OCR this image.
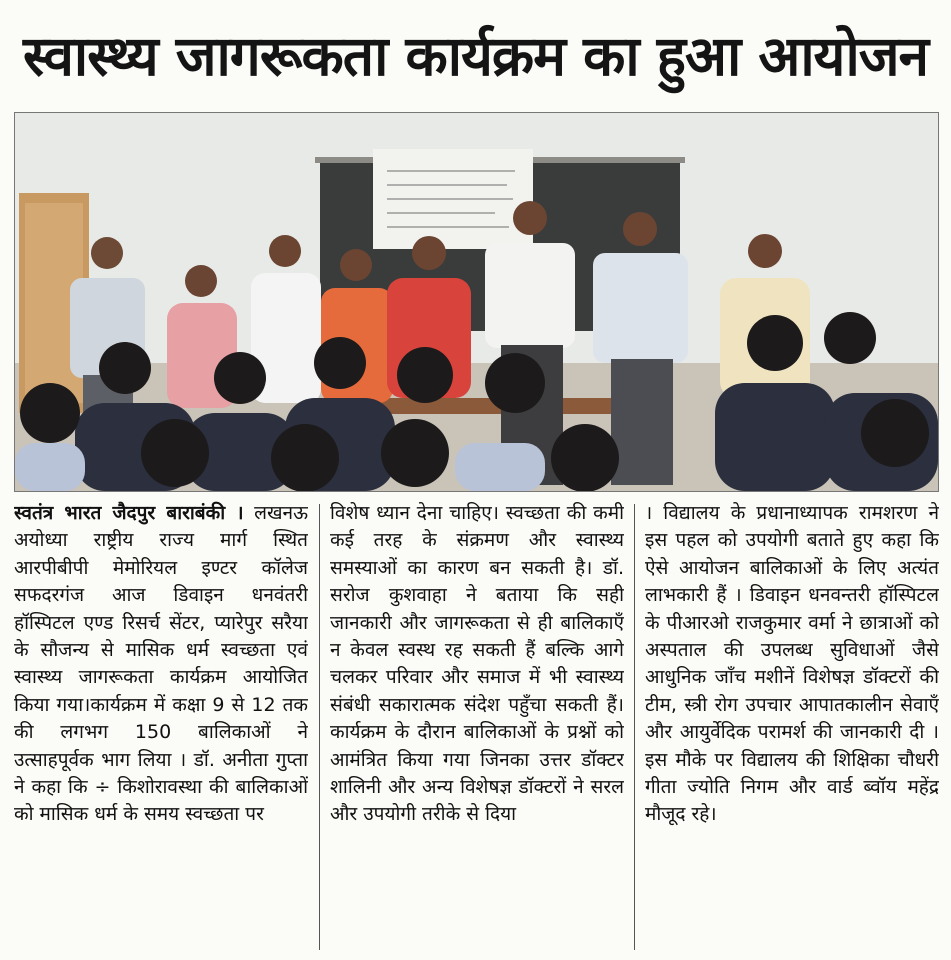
स्वास्थ्य जागरूकता कार्यक्रम का हुआ आयोजन
स्वतंत्र भारत जैदपुर बाराबंकी । लखनऊ अयोध्या राष्ट्रीय राज्य मार्ग स्थित आरपीबीपी मेमोरियल इण्टर कॉलेज सफदरगंज आज डिवाइन धनवंतरी हॉस्पिटल एण्ड रिसर्च सेंटर, प्यारेपुर सरैया के सौजन्य से मासिक धर्म स्वच्छता एवं स्वास्थ्य जागरूकता कार्यक्रम आयोजित किया गया।कार्यक्रम में कक्षा 9 से 12 तक की लगभग 150 बालिकाओं ने उत्साहपूर्वक भाग लिया । डॉ. अनीता गुप्ता ने कहा कि ÷ किशोरावस्था की बालिकाओं को मासिक धर्म के समय स्वच्छता पर
विशेष ध्यान देना चाहिए। स्वच्छता की कमी कई तरह के संक्रमण और स्वास्थ्य समस्याओं का कारण बन सकती है। डॉ. सरोज कुशवाहा ने बताया कि सही जानकारी और जागरूकता से ही बालिकाएँ न केवल स्वस्थ रह सकती हैं बल्कि आगे चलकर परिवार और समाज में भी स्वास्थ्य संबंधी सकारात्मक संदेश पहुँचा सकती हैं। कार्यक्रम के दौरान बालिकाओं के प्रश्नों को आमंत्रित किया गया जिनका उत्तर डॉक्टर शालिनी और अन्य विशेषज्ञ डॉक्टरों ने सरल और उपयोगी तरीके से दिया
। विद्यालय के प्रधानाध्यापक रामशरण ने इस पहल को उपयोगी बताते हुए कहा कि ऐसे आयोजन बालिकाओं के लिए अत्यंत लाभकारी हैं । डिवाइन धनवन्तरी हॉस्पिटल के पीआरओ राजकुमार वर्मा ने छात्राओं को अस्पताल की उपलब्ध सुविधाओं जैसे आधुनिक जाँच मशीनें विशेषज्ञ डॉक्टरों की टीम, स्त्री रोग उपचार आपातकालीन सेवाएँ और आयुर्वेदिक परामर्श की जानकारी दी । इस मौके पर विद्यालय की शिक्षिका चौधरी गीता ज्योति निगम और वार्ड ब्वॉय महेंद्र मौजूद रहे।
